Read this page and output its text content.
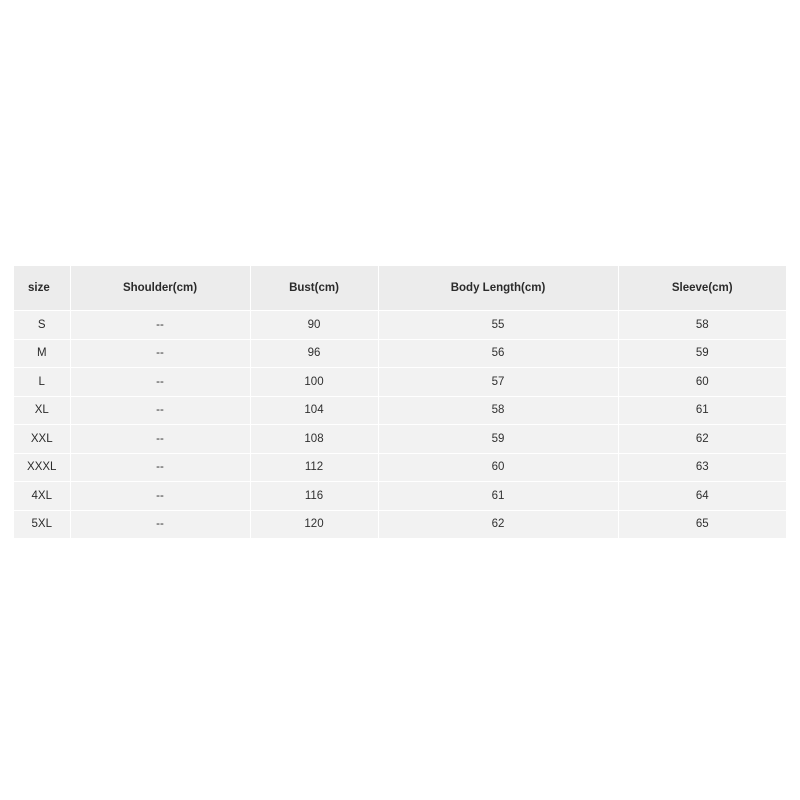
size	Shoulder(cm)	Bust(cm)	Body Length(cm)	Sleeve(cm)
S	--	90	55	58
M	--	96	56	59
L	--	100	57	60
XL	--	104	58	61
XXL	--	108	59	62
XXXL	--	112	60	63
4XL	--	116	61	64
5XL	--	120	62	65
